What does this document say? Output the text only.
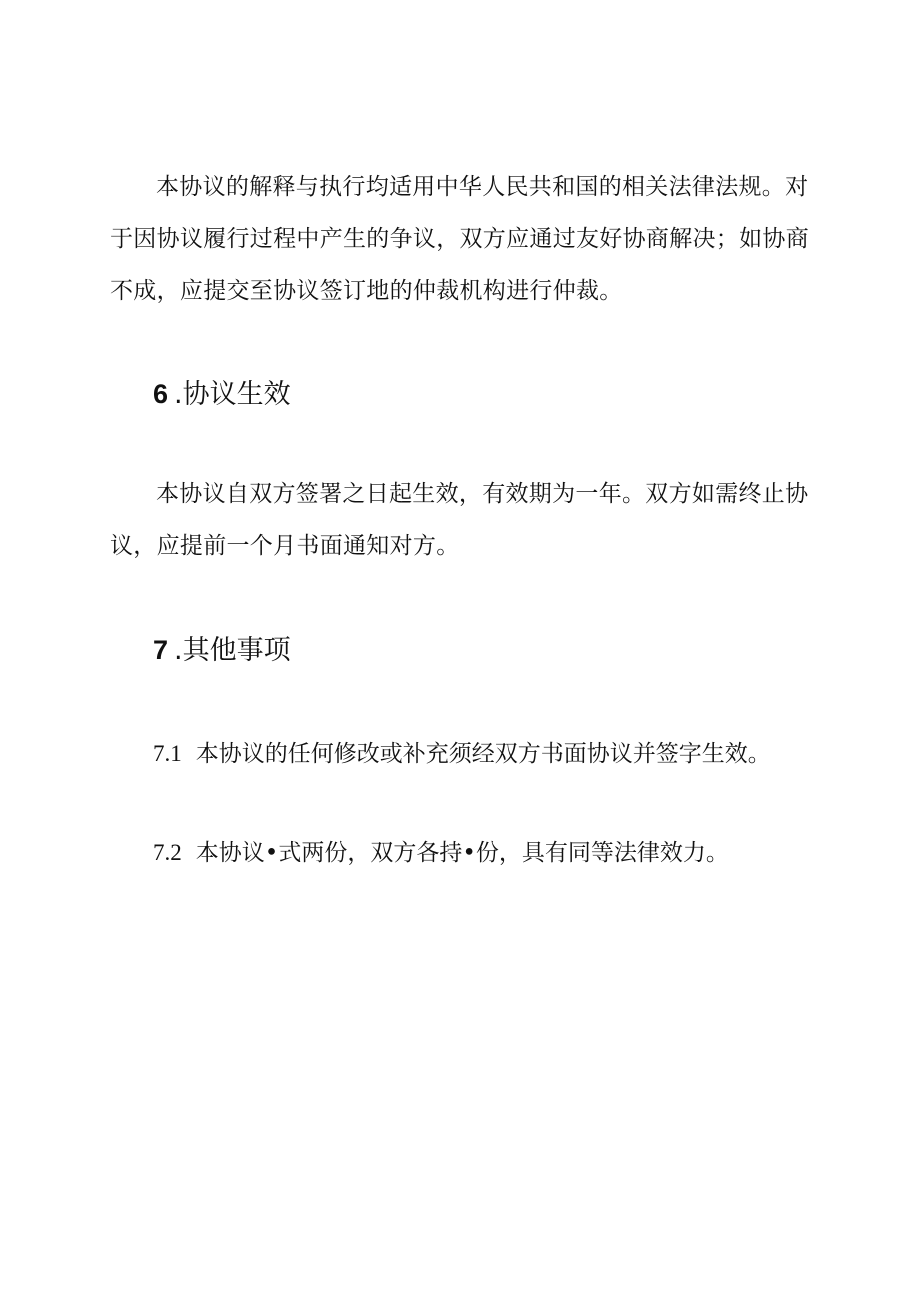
本协议的解释与执行均适用中华人民共和国的相关法律法规。对于因协议履行过程中产生的争议，双方应通过友好协商解决；如协商不成，应提交至协议签订地的仲裁机构进行仲裁。

6 .协议生效

本协议自双方签署之日起生效，有效期为一年。双方如需终止协议，应提前一个月书面通知对方。

7 .其他事项

7.1 本协议的任何修改或补充须经双方书面协议并签字生效。

7.2 本协议•式两份，双方各持•份，具有同等法律效力。
